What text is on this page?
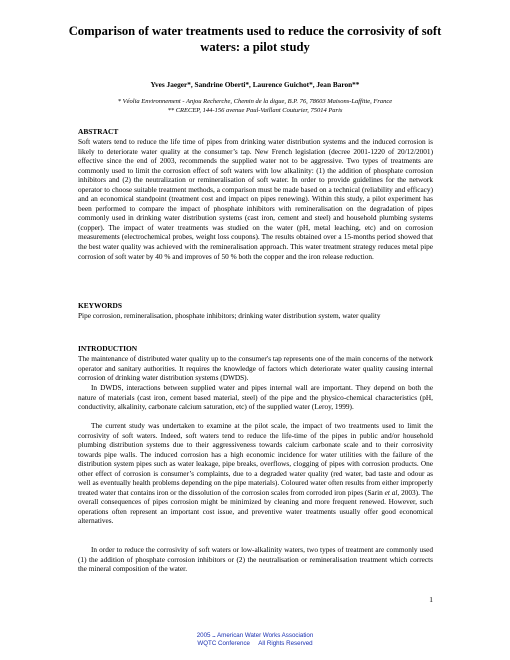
Comparison of water treatments used to reduce the corrosivity of soft waters: a pilot study
Yves Jaeger*, Sandrine Oberti*, Laurence Guichot*, Jean Baron**
* Véolia Environnement - Anjou Recherche, Chemin de la digue, B.P. 76, 78603 Maisons-Laffitte, France
** CRECEP, 144-156 avenue Paul-Vaillant Couturier, 75014 Paris
ABSTRACT

Soft waters tend to reduce the life time of pipes from drinking water distribution systems and the induced corrosion is likely to deteriorate water quality at the consumer’s tap. New French legislation (decree 2001-1220 of 20/12/2001) effective since the end of 2003, recommends the supplied water not to be aggressive. Two types of treatments are commonly used to limit the corrosion effect of soft waters with low alkalinity: (1) the addition of phosphate corrosion inhibitors and (2) the neutralization or remineralisation of soft water. In order to provide guidelines for the network operator to choose suitable treatment methods, a comparison must be made based on a technical (reliability and efficacy) and an economical standpoint (treatment cost and impact on pipes renewing). Within this study, a pilot experiment has been performed to compare the impact of phosphate inhibitors with remineralisation on the degradation of pipes commonly used in drinking water distribution systems (cast iron, cement and steel) and household plumbing systems (copper). The impact of water treatments was studied on the water (pH, metal leaching, etc) and on corrosion measurements (electrochemical probes, weight loss coupons). The results obtained over a 15-months period showed that the best water quality was achieved with the remineralisation approach. This water treatment strategy reduces metal pipe corrosion of soft water by 40 % and improves of 50 % both the copper and the iron release reduction.

KEYWORDS

Pipe corrosion, remineralisation, phosphate inhibitors; drinking water distribution system, water quality

INTRODUCTION

The maintenance of distributed water quality up to the consumer's tap represents one of the main concerns of the network operator and sanitary authorities. It requires the knowledge of factors which deteriorate water quality causing internal corrosion of drinking water distribution systems (DWDS).

In DWDS, interactions between supplied water and pipes internal wall are important. They depend on both the nature of materials (cast iron, cement based material, steel) of the pipe and the physico-chemical characteristics (pH, conductivity, alkalinity, carbonate calcium saturation, etc) of the supplied water (Leroy, 1999).

The current study was undertaken to examine at the pilot scale, the impact of two treatments used to limit the corrosivity of soft waters. Indeed, soft waters tend to reduce the life-time of the pipes in public and/or household plumbing distribution systems due to their aggressiveness towards calcium carbonate scale and to their corrosivity towards pipe walls. The induced corrosion has a high economic incidence for water utilities with the failure of the distribution system pipes such as water leakage, pipe breaks, overflows, clogging of pipes with corrosion products. One other effect of corrosion is consumer’s complaints, due to a degraded water quality (red water, bad taste and odour as well as eventually health problems depending on the pipe materials). Coloured water often results from either improperly treated water that contains iron or the dissolution of the corrosion scales from corroded iron pipes (Sarin et al, 2003). The overall consequences of pipes corrosion might be minimized by cleaning and more frequent renewed. However, such operations often represent an important cost issue, and preventive water treatments usually offer good economical alternatives.

In order to reduce the corrosivity of soft waters or low-alkalinity waters, two types of treatment are commonly used (1) the addition of phosphate corrosion inhibitors or (2) the neutralisation or remineralisation treatment which corrects the mineral composition of the water.

1
2005 .. American Water Works Association
WQTC Conference All Rights Reserved
